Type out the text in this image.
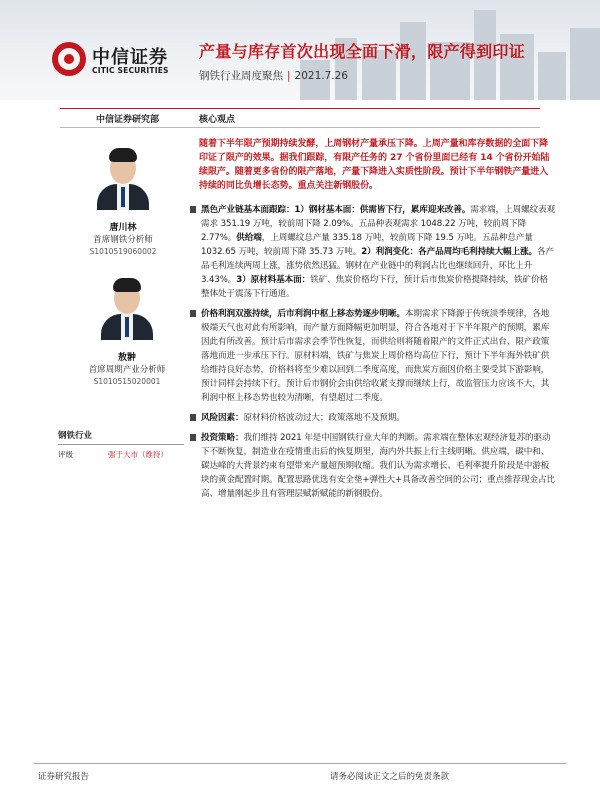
中信证券
CITIC SECURITIES
产量与库存首次出现全面下滑，限产得到印证
钢铁行业周度聚焦 | 2021.7.26
中信证券研究部	核心观点
唐川林
首席钢铁分析师
S1010519060002
敖翀
首席周期产业分析师
S1010515020001
钢铁行业
评级	强于大市（维持）
随着下半年限产预期持续发酵，上周钢材产量承压下降。上周产量和库存数据的全面下降印证了限产的效果。据我们跟踪，有限产任务的 27 个省份里面已经有 14 个省份开始陆续限产。随着更多省份的限产落地，产量下降进入实质性阶段。预计下半年钢铁产量进入持续的同比负增长态势。重点关注新钢股份。
黑色产业链基本面跟踪：1）钢材基本面：供需皆下行，累库迎来改善。需求端，上周螺纹表观需求 351.19 万吨，较前周下降 2.09%。五品种表观需求 1048.22 万吨，较前周下降 2.77%。供给端，上周螺纹总产量 335.18 万吨，较前周下降 19.5 万吨。五品种总产量 1032.65 万吨，较前周下降 35.73 万吨。2）利润变化：各产品周均毛利持续大幅上涨。各产品毛利连续两周上涨，涨势依然迅猛。钢材在产业链中的利润占比也继续回升，环比上升 3.43%。3）原材料基本面：铁矿、焦炭价格均下行，预计后市焦炭价格提降持续，铁矿价格整体处于震荡下行通道。
价格利润双涨持续，后市利润中枢上移态势逐步明晰。本期需求下降源于传统淡季规律，各地极端天气也对此有所影响，而产量方面降幅更加明显，符合各地对于下半年限产的预期，累库因此有所改善。预计后市需求会季节性恢复，而供给则将随着限产的文件正式出台、限产政策落地而进一步承压下行。原材料端，铁矿与焦炭上周价格均高位下行，预计下半年海外铁矿供给维持良好态势，价格料将至少难以回到二季度高度，而焦炭方面因价格主要受其下游影响，预计同样会持续下行。预计后市钢价会由供给收紧支撑而继续上行，故监管压力应该不大，其利润中枢上移态势也较为清晰，有望超过二季度。
风险因素：原材料价格波动过大；政策落地不及预期。
投资策略：我们维持 2021 年是中国钢铁行业大年的判断。需求端在整体宏观经济复苏的驱动下不断恢复，制造业在疫情重击后的恢复期里，海内外共振上行主线明晰。供应端，碳中和、碳达峰的大背景约束有望带来产量超预期收缩。我们认为需求增长、毛利率提升阶段是中游板块的黄金配置时期。配置思路优选有安全垫+弹性大+具备改善空间的公司；重点推荐现金占比高、增量刚起步且有管理层赋新赋能的新钢股份。
证券研究报告	请务必阅读正文之后的免责条款
